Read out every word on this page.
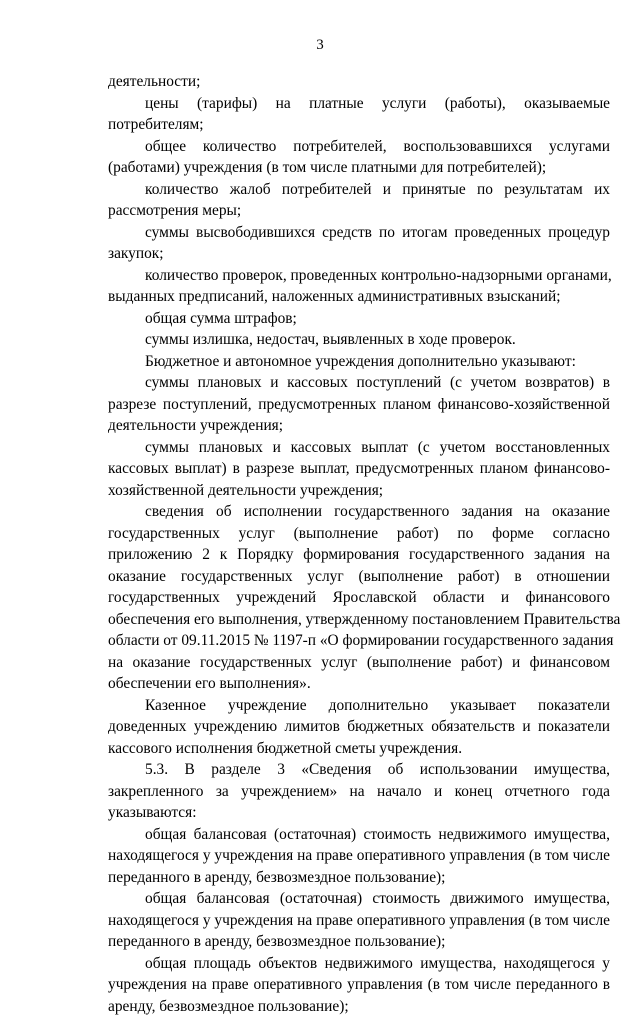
3
деятельности;
цены (тарифы) на платные услуги (работы), оказываемые
потребителям;
общее количество потребителей, воспользовавшихся услугами
(работами) учреждения (в том числе платными для потребителей);
количество жалоб потребителей и принятые по результатам их
рассмотрения меры;
суммы высвободившихся средств по итогам проведенных процедур
закупок;
количество проверок, проведенных контрольно-надзорными органами,
выданных предписаний, наложенных административных взысканий;
общая сумма штрафов;
суммы излишка, недостач, выявленных в ходе проверок.
Бюджетное и автономное учреждения дополнительно указывают:
суммы плановых и кассовых поступлений (с учетом возвратов) в
разрезе поступлений, предусмотренных планом финансово-хозяйственной
деятельности учреждения;
суммы плановых и кассовых выплат (с учетом восстановленных
кассовых выплат) в разрезе выплат, предусмотренных планом финансово-
хозяйственной деятельности учреждения;
сведения об исполнении государственного задания на оказание
государственных услуг (выполнение работ) по форме согласно
приложению 2 к Порядку формирования государственного задания на
оказание государственных услуг (выполнение работ) в отношении
государственных учреждений Ярославской области и финансового
обеспечения его выполнения, утвержденному постановлением Правительства
области от 09.11.2015 № 1197-п «О формировании государственного задания
на оказание государственных услуг (выполнение работ) и финансовом
обеспечении его выполнения».
Казенное учреждение дополнительно указывает показатели
доведенных учреждению лимитов бюджетных обязательств и показатели
кассового исполнения бюджетной сметы учреждения.
5.3. В разделе 3 «Сведения об использовании имущества,
закрепленного за учреждением» на начало и конец отчетного года
указываются:
общая балансовая (остаточная) стоимость недвижимого имущества,
находящегося у учреждения на праве оперативного управления (в том числе
переданного в аренду, безвозмездное пользование);
общая балансовая (остаточная) стоимость движимого имущества,
находящегося у учреждения на праве оперативного управления (в том числе
переданного в аренду, безвозмездное пользование);
общая площадь объектов недвижимого имущества, находящегося у
учреждения на праве оперативного управления (в том числе переданного в
аренду, безвозмездное пользование);
